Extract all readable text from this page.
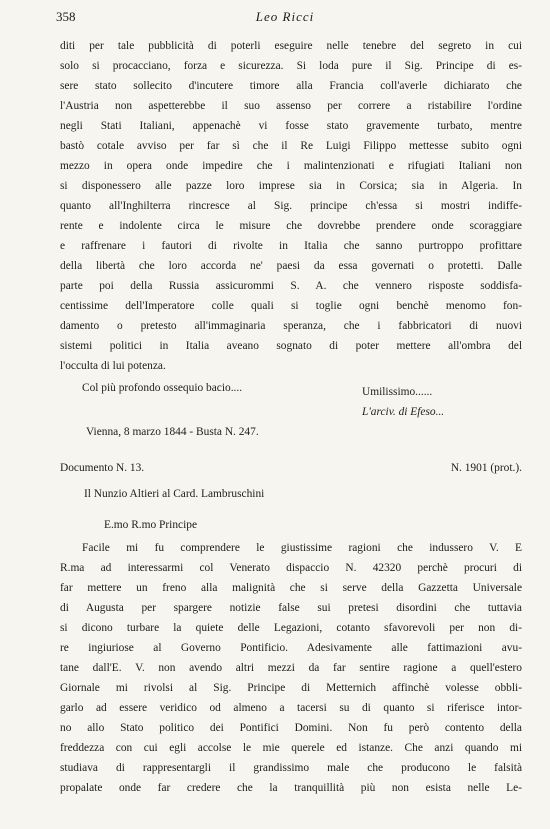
358	Leo Ricci
diti per tale pubblicità di poterli eseguire nelle tenebre del segreto in cui
solo si procacciano, forza e sicurezza. Si loda pure il Sig. Principe di es-
sere stato sollecito d'incutere timore alla Francia coll'averle dichiarato che
l'Austria non aspetterebbe il suo assenso per correre a ristabilire l'ordine
negli Stati Italiani, appenachè vi fosse stato gravemente turbato, mentre
bastò cotale avviso per far sì che il Re Luigi Filippo mettesse subito ogni
mezzo in opera onde impedire che i malintenzionati e rifugiati Italiani non
si disponessero alle pazze loro imprese sia in Corsica; sia in Algeria. In
quanto all'Inghilterra rincresce al Sig. principe ch'essa si mostri indiffe-
rente e indolente circa le misure che dovrebbe prendere onde scoraggiare
e raffrenare i fautori di rivolte in Italia che sanno purtroppo profittare
della libertà che loro accorda ne' paesi da essa governati o protetti. Dalle
parte poi della Russia assicurommi S. A. che vennero risposte soddisfa-
centissime dell'Imperatore colle quali si toglie ogni benchè menomo fon-
damento o pretesto all'immaginaria speranza, che i fabbricatori di nuovi
sistemi politici in Italia aveano sognato di poter mettere all'ombra del
l'occulta di lui potenza.
Col più profondo ossequio bacio....	Umilissimo......
L'arciv. di Efeso...
Vienna, 8 marzo 1844 - Busta N. 247.
Documento N. 13.	N. 1901 (prot.).
Il Nunzio Altieri al Card. Lambruschini
E.mo R.mo Principe
Facile mi fu comprendere le giustissime ragioni che indussero V. E
R.ma ad interessarmi col Venerato dispaccio N. 42320 perchè procuri di
far mettere un freno alla malignità che si serve della Gazzetta Universale
di Augusta per spargere notizie false sui pretesi disordini che tuttavia
si dicono turbare la quiete delle Legazioni, cotanto sfavorevoli per non di-
re ingiuriose al Governo Pontificio. Adesivamente alle fattimazioni avu-
tane dall'E. V. non avendo altri mezzi da far sentire ragione a quell'estero
Giornale mi rivolsi al Sig. Principe di Metternich affinchè volesse obbli-
garlo ad essere veridico od almeno a tacersi su di quanto si riferisce intor-
no allo Stato politico dei Pontifici Domini. Non fu però contento della
freddezza con cui egli accolse le mie querele ed istanze. Che anzi quando mi
studiava di rappresentargli il grandissimo male che producono le falsità
propalate onde far credere che la tranquillità più non esista nelle Le-
